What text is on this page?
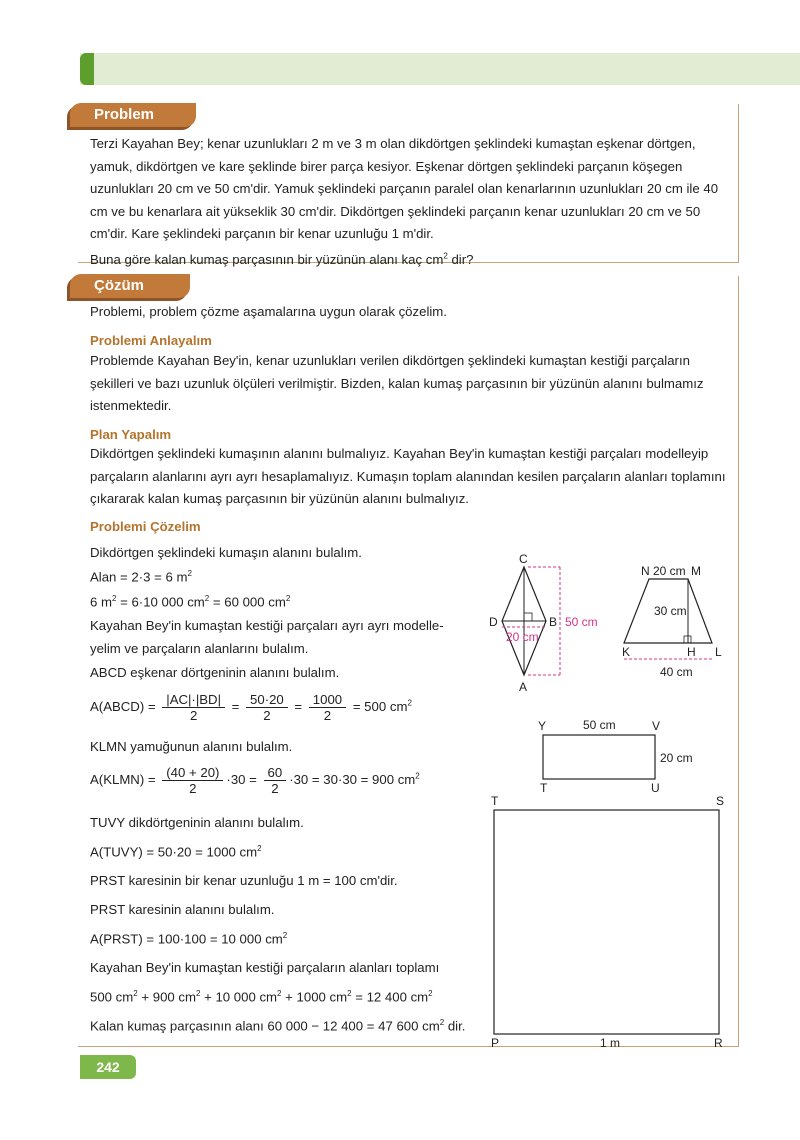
Problem

Terzi Kayahan Bey; kenar uzunlukları 2 m ve 3 m olan dikdörtgen şeklindeki kumaştan eşkenar dörtgen, yamuk, dikdörtgen ve kare şeklinde birer parça kesiyor. Eşkenar dörtgen şeklindeki parçanın köşegen uzunlukları 20 cm ve 50 cm'dir. Yamuk şeklindeki parçanın paralel olan kenarlarının uzunlukları 20 cm ile 40 cm ve bu kenarlara ait yükseklik 30 cm'dir. Dikdörtgen şeklindeki parçanın kenar uzunlukları 20 cm ve 50 cm'dir. Kare şeklindeki parçanın bir kenar uzunluğu 1 m'dir.
Buna göre kalan kumaş parçasının bir yüzünün alanı kaç $cm^2$ dir?

Çözüm
Problemi, problem çözme aşamalarına uygun olarak çözelim.
Problemi Anlayalım

Problemde Kayahan Bey'in, kenar uzunlukları verilen dikdörtgen şeklindeki kumaştan kestiği parçaların şekilleri ve bazı uzunluk ölçüleri verilmiştir. Bizden, kalan kumaş parçasının bir yüzünün alanını bulmamız istenmektedir.

Plan Yapalım

Dikdörtgen şeklindeki kumaşının alanını bulmalıyız. Kayahan Bey'in kumaştan kestiği parçaları modelleyip parçaların alanlarını ayrı ayrı hesaplamalıyız. Kumaşın toplam alanından kesilen parçaların alanları toplamını çıkararak kalan kumaş parçasının bir yüzünün alanını bulmalıyız.

Problemi Çözelim
Dikdörtgen şeklindeki kumaşın alanını bulalım.
Alan = 2·3 = 6 $m^2$
6 $m^2 = 6\cdot 10$ 000 $cm^2 = 60$ 000 $cm^2$
Kayahan Bey'in kumaştan kestiği parçaları ayrı ayrı modelle-
yelim ve parçaların alanlarını bulalım.
ABCD eşkenar dörtgeninin alanını bulalım.
A(ABCD) = $\frac{|AC|\cdot|BD|}{2} = \frac{50\cdot 20}{2} = \frac{1000}{2} = 500$ $cm^2$
KLMN yamuğunun alanını bulalım.
A(KLMN) = $\frac{(40 + 20)}{2} \cdot 30 = \frac{60}{2} \cdot 30 = 30\cdot 30 = 900$ $cm^2$
TUVY dikdörtgeninin alanını bulalım.
A(TUVY) = 50·20 = 1000 $cm^2$
PRST karesinin bir kenar uzunluğu 1 m = 100 cm'dir.
PRST karesinin alanını bulalım.
A(PRST) = 100·100 = 10 000 $cm^2$
Kayahan Bey'in kumaştan kestiği parçaların alanları toplamı
500 $cm^2 + 900$ $cm^2 + 10$ 000 $cm^2 + 1000$ $cm^2 = 12$ 400 $cm^2$
Kalan kumaş parçasının alanı 60 000 − 12 400 = 47 600 $cm^2$ dir.
C
D	B
A
20 cm
50 cm
N 20 cm M
30 cm
K	H L
40 cm
Y	50 cm	V
20 cm
T	U
T	S
P	1 m	R
242
